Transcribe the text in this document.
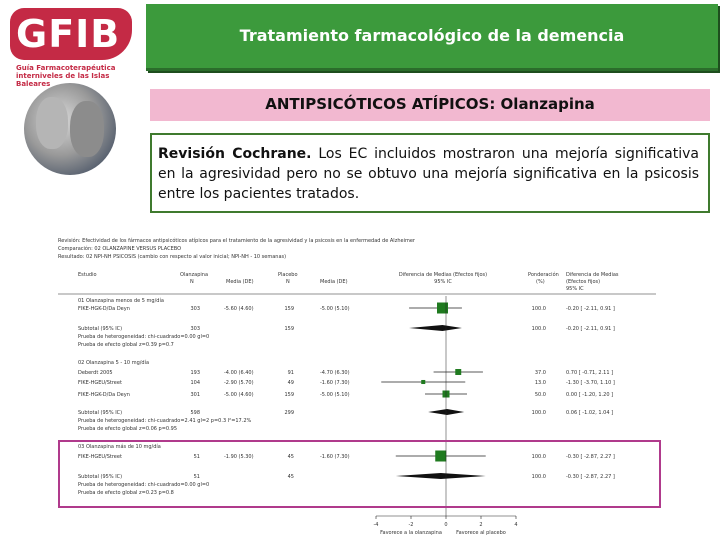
GFIB
Guía Farmacoterapéutica
interniveles de las Islas Baleares
Tratamiento farmacológico de la demencia
ANTIPSICÓTICOS ATÍPICOS: Olanzapina
Revisión Cochrane. Los EC incluidos mostraron una mejoría significativa en la agresividad pero no se obtuvo una mejoría significativa en la psicosis entre los pacientes tratados.
Revisión: Efectividad de los fármacos antipsicóticos atípicos para el tratamiento de la agresividad y la psicosis en la enfermedad de Alzheimer
Comparación: 02 OLANZAPINE VERSUS PLACEBO
Resultado: 02 NPI-NH PSICOSIS (cambio con respecto al valor inicial; NPI-NH - 10 semanas)
Estudio	Olanzapina
N	Media (DE)
Placebo
N	Media (DE)
Diferencia de Medias (Efectos fijos)
95% IC
Ponderación
(%)
Diferencia de Medias
(Efectos fijos)
95% IC
01 Olanzapina menos de 5 mg/día
FIKE-HGK-D/Da Deyn	303	-5.60 (4.60)	159	-5.00 (5.10)	100.0	-0.20 [ -2.11, 0.91 ]
Subtotal (95% IC)	303	159	100.0	-0.20 [ -2.11, 0.91 ]
Prueba de heterogeneidad: chi-cuadrado=0.00 gl=0
Prueba de efecto global z=0.39 p=0.7
02 Olanzapina 5 - 10 mg/día
Deberdt 2005	193	-4.00 (6.40)	91	-4.70 (6.30)	37.0	0.70 [ -0.71, 2.11 ]
FIKE-HGEU/Street	104	-2.90 (5.70)	49	-1.60 (7.30)	13.0	-1.30 [ -3.70, 1.10 ]
FIKE-HGK-D/Da Deyn	301	-5.00 (4.60)	159	-5.00 (5.10)	50.0	0.00 [ -1.20, 1.20 ]
Subtotal (95% IC)	598	299	100.0	0.06 [ -1.02, 1.04 ]
Prueba de heterogeneidad: chi-cuadrado=2.41 gl=2 p=0.3 I²=17.2%
Prueba de efecto global z=0.06 p=0.95
03 Olanzapina más de 10 mg/día
FIKE-HGEU/Street	51	-1.90 (5.30)	45	-1.60 (7.30)	100.0	-0.30 [ -2.87, 2.27 ]
Subtotal (95% IC)	51	45	100.0	-0.30 [ -2.87, 2.27 ]
Prueba de heterogeneidad: chi-cuadrado=0.00 gl=0
Prueba de efecto global z=0.23 p=0.8
-4	-2	0	2	4
Favorece a la olanzapina	Favorece al placebo
